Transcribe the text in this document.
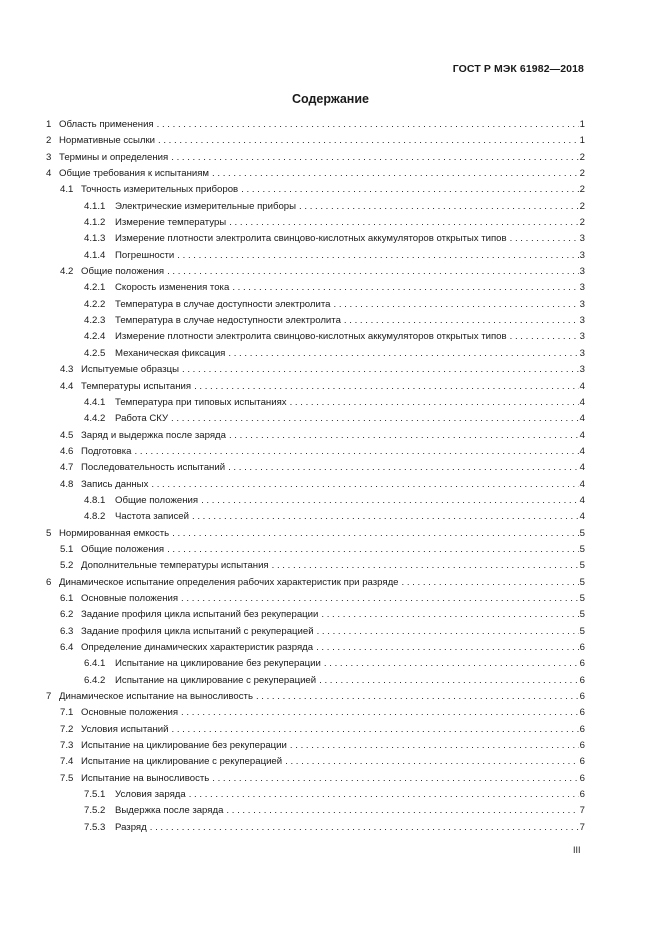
ГОСТ Р МЭК 61982—2018
Содержание
1 Область применения . . .	1
2 Нормативные ссылки . . .	1
3 Термины и определения . . .	2
4 Общие требования к испытаниям . . .	2
4.1 Точность измерительных приборов . . .	2
4.1.1	Электрические измерительные приборы . . .	2
4.1.2	Измерение температуры . . .	2
4.1.3	Измерение плотности электролита свинцово-кислотных аккумуляторов открытых типов . . .	3
4.1.4	Погрешности . . .	3
4.2 Общие положения . . .	3
4.2.1	Скорость изменения тока . . .	3
4.2.2	Температура в случае доступности электролита . . .	3
4.2.3	Температура в случае недоступности электролита . . .	3
4.2.4	Измерение плотности электролита свинцово-кислотных аккумуляторов открытых типов . . .	3
4.2.5	Механическая фиксация . . .	3
4.3 Испытуемые образцы . . .	3
4.4 Температуры испытания . . .	4
4.4.1	Температура при типовых испытаниях . . .	4
4.4.2	Работа СКУ . . .	4
4.5 Заряд и выдержка после заряда . . .	4
4.6 Подготовка . . .	4
4.7 Последовательность испытаний . . .	4
4.8 Запись данных . . .	4
4.8.1	Общие положения . . .	4
4.8.2	Частота записей . . .	4
5 Нормированная емкость . . .	5
5.1 Общие положения . . .	5
5.2 Дополнительные температуры испытания . . .	5
6 Динамическое испытание определения рабочих характеристик при разряде . . .	5
6.1 Основные положения . . .	5
6.2 Задание профиля цикла испытаний без рекуперации . . .	5
6.3 Задание профиля цикла испытаний с рекуперацией . . .	5
6.4 Определение динамических характеристик разряда . . .	6
6.4.1	Испытание на циклирование без рекуперации . . .	6
6.4.2	Испытание на циклирование с рекуперацией . . .	6
7 Динамическое испытание на выносливость . . .	6
7.1 Основные положения . . .	6
7.2 Условия испытаний . . .	6
7.3 Испытание на циклирование без рекуперации . . .	6
7.4 Испытание на циклирование с рекуперацией . . .	6
7.5 Испытание на выносливость . . .	6
7.5.1	Условия заряда . . .	6
7.5.2	Выдержка после заряда . . .	7
7.5.3	Разряд . . .	7
III
